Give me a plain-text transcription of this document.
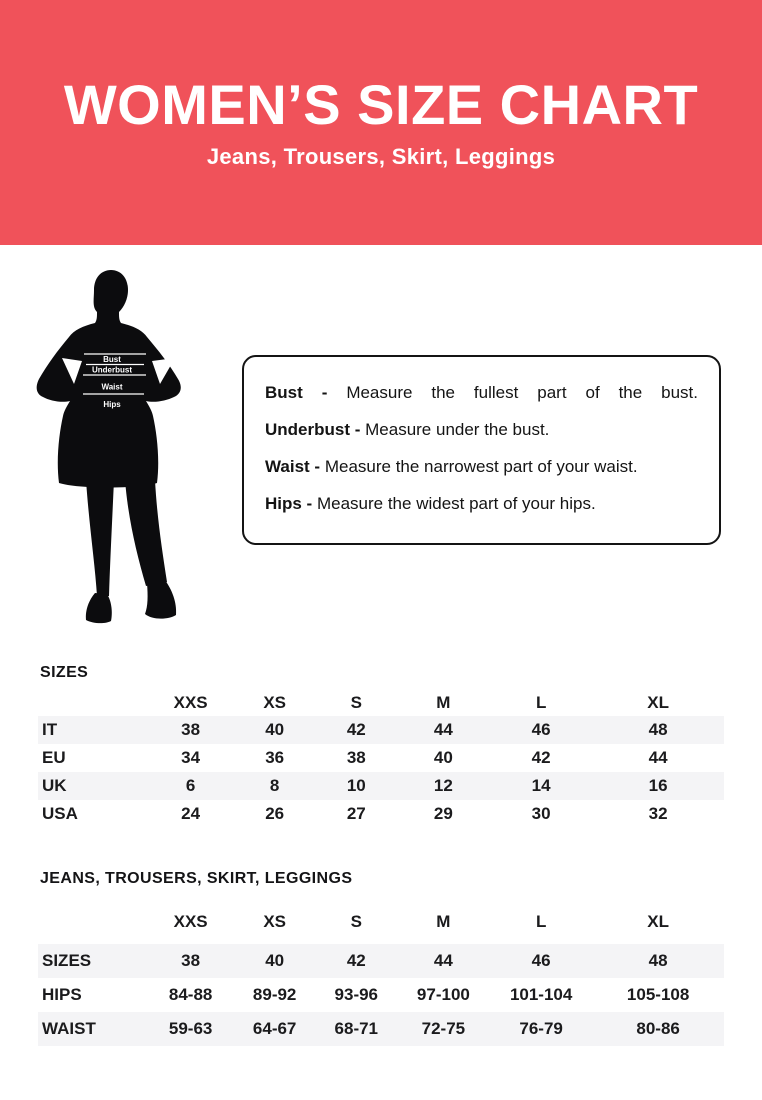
WOMEN’S SIZE CHART

Jeans, Trousers, Skirt, Leggings

Bust
Underbust
Waist
Hips

Bust - Measure the fullest part of the bust.

Underbust - Measure under the bust.

Waist - Measure the narrowest part of your waist.

Hips - Measure the widest part of your hips.

SIZES
	XXS	XS	S	M	L	XL
IT	38	40	42	44	46	48
EU	34	36	38	40	42	44
UK	6	8	10	12	14	16
USA	24	26	27	29	30	32
JEANS, TROUSERS, SKIRT, LEGGINGS
	XXS	XS	S	M	L	XL
SIZES	38	40	42	44	46	48
HIPS	84-88	89-92	93-96	97-100	101-104	105-108
WAIST	59-63	64-67	68-71	72-75	76-79	80-86
